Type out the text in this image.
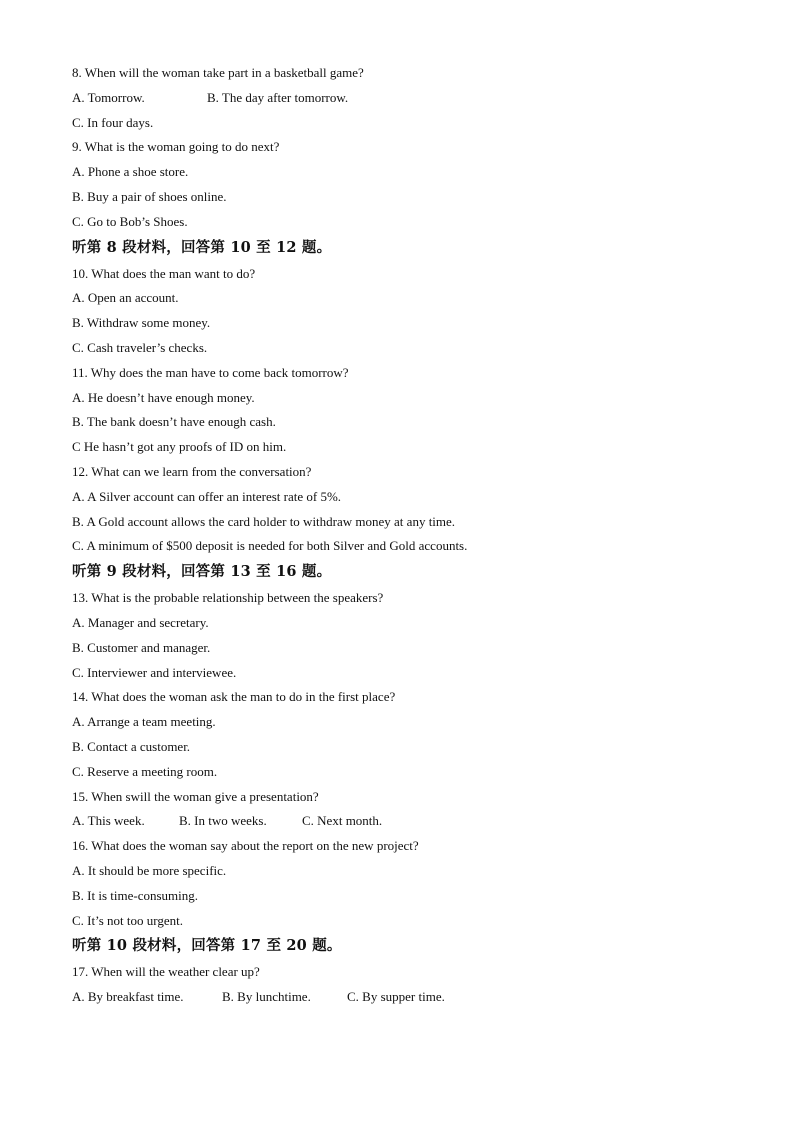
8. When will the woman take part in a basketball game?
A. Tomorrow.	B. The day after tomorrow.
C. In four days.
9. What is the woman going to do next?
A. Phone a shoe store.
B. Buy a pair of shoes online.
C. Go to Bob’s Shoes.
听第 8 段材料，回答第 10 至 12 题。
10. What does the man want to do?
A. Open an account.
B. Withdraw some money.
C. Cash traveler’s checks.
11. Why does the man have to come back tomorrow?
A. He doesn’t have enough money.
B. The bank doesn’t have enough cash.
C He hasn’t got any proofs of ID on him.
12. What can we learn from the conversation?
A. A Silver account can offer an interest rate of 5%.
B. A Gold account allows the card holder to withdraw money at any time.
C. A minimum of $500 deposit is needed for both Silver and Gold accounts.
听第 9 段材料，回答第 13 至 16 题。
13. What is the probable relationship between the speakers?
A. Manager and secretary.
B. Customer and manager.
C. Interviewer and interviewee.
14. What does the woman ask the man to do in the first place?
A. Arrange a team meeting.
B. Contact a customer.
C. Reserve a meeting room.
15. When swill the woman give a presentation?
A. This week.	B. In two weeks.	C. Next month.
16. What does the woman say about the report on the new project?
A. It should be more specific.
B. It is time-consuming.
C. It’s not too urgent.
听第 10 段材料，回答第 17 至 20 题。
17. When will the weather clear up?
A. By breakfast time.	B. By lunchtime.	C. By supper time.
